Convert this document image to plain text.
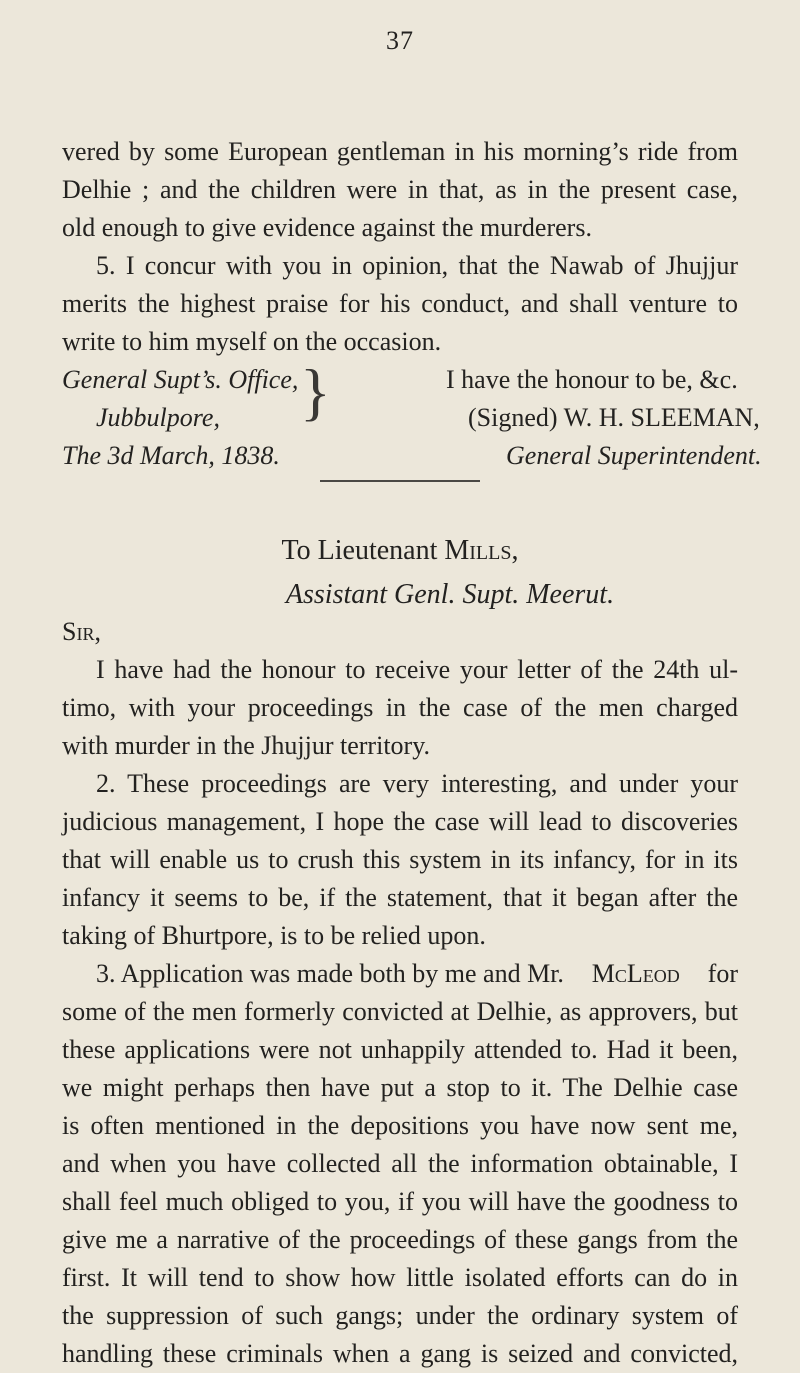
37
vered by some European gentleman in his morning’s ride from
Delhie ; and the children were in that, as in the present case,
old enough to give evidence against the murderers.
5. I concur with you in opinion, that the Nawab of Jhujjur
merits the highest praise for his conduct, and shall venture to
write to him myself on the occasion.
General Supt’s. Office,	I have the honour to be, &c.
Jubbulpore,	(Signed) W. H. SLEEMAN,
The 3d March, 1838.	General Superintendent.
}
To Lieutenant Mills,
Assistant Genl. Supt. Meerut.
Sir,
I have had the honour to receive your letter of the 24th ul-
timo, with your proceedings in the case of the men charged
with murder in the Jhujjur territory.
2. These proceedings are very interesting, and under your
judicious management, I hope the case will lead to discoveries
that will enable us to crush this system in its infancy, for in its
infancy it seems to be, if the statement, that it began after the
taking of Bhurtpore, is to be relied upon.
3. Application was made both by me and Mr. McLeod for
some of the men formerly convicted at Delhie, as approvers, but
these applications were not unhappily attended to. Had it been,
we might perhaps then have put a stop to it. The Delhie case
is often mentioned in the depositions you have now sent me,
and when you have collected all the information obtainable, I
shall feel much obliged to you, if you will have the goodness to
give me a narrative of the proceedings of these gangs from the
first. It will tend to show how little isolated efforts can do in
the suppression of such gangs; under the ordinary system of
handling these criminals when a gang is seized and convicted,
